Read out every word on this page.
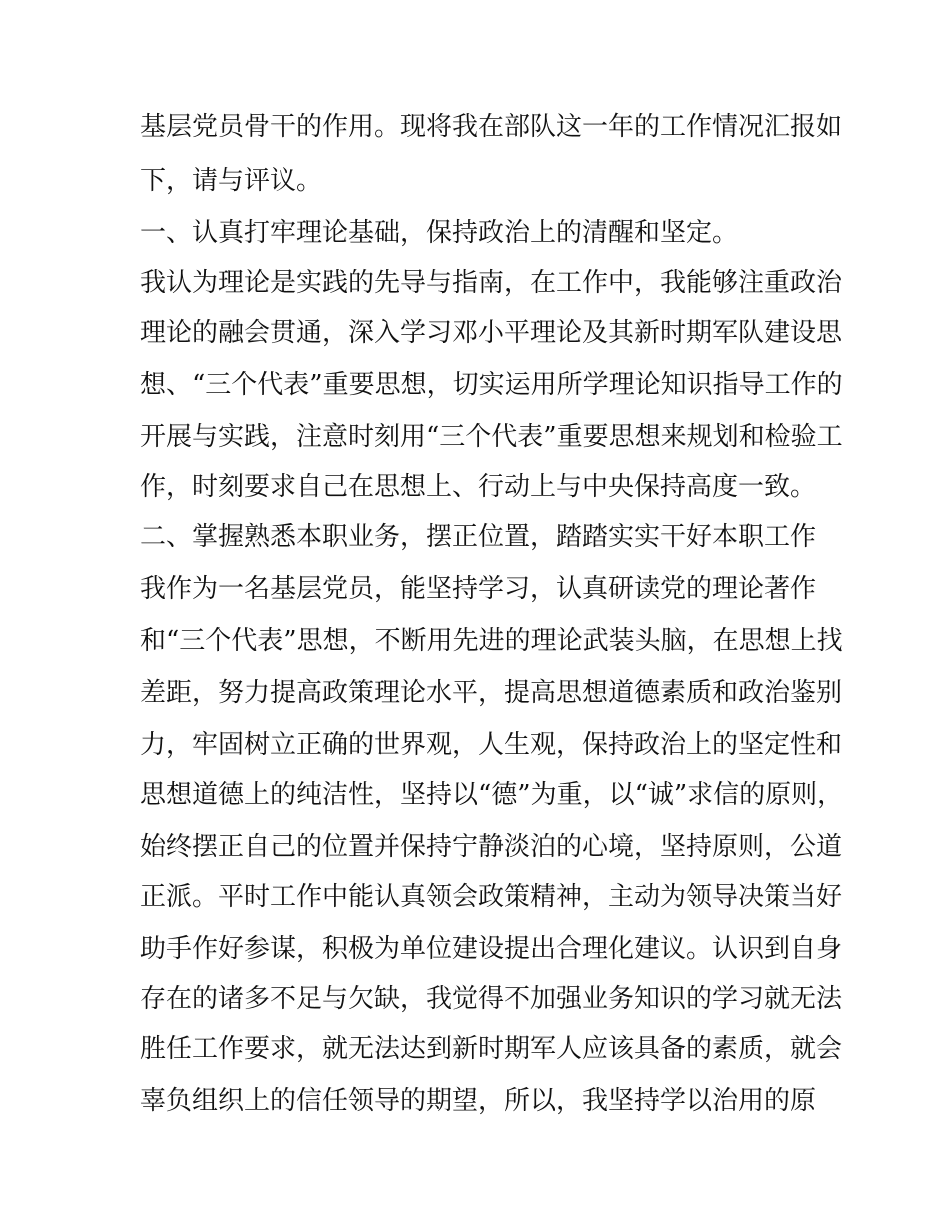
基层党员骨干的作用。现将我在部队这一年的工作情况汇报如
下，请与评议。
一、认真打牢理论基础，保持政治上的清醒和坚定。
我认为理论是实践的先导与指南，在工作中，我能够注重政治
理论的融会贯通，深入学习邓小平理论及其新时期军队建设思
想、“三个代表”重要思想，切实运用所学理论知识指导工作的
开展与实践，注意时刻用“三个代表”重要思想来规划和检验工
作，时刻要求自己在思想上、行动上与中央保持高度一致。
二、掌握熟悉本职业务，摆正位置，踏踏实实干好本职工作
我作为一名基层党员，能坚持学习，认真研读党的理论著作
和“三个代表”思想，不断用先进的理论武装头脑，在思想上找
差距，努力提高政策理论水平，提高思想道德素质和政治鉴别
力，牢固树立正确的世界观，人生观，保持政治上的坚定性和
思想道德上的纯洁性，坚持以“德”为重，以“诚”求信的原则，
始终摆正自己的位置并保持宁静淡泊的心境，坚持原则，公道
正派。平时工作中能认真领会政策精神，主动为领导决策当好
助手作好参谋，积极为单位建设提出合理化建议。认识到自身
存在的诸多不足与欠缺，我觉得不加强业务知识的学习就无法
胜任工作要求，就无法达到新时期军人应该具备的素质，就会
辜负组织上的信任领导的期望，所以，我坚持学以治用的原
